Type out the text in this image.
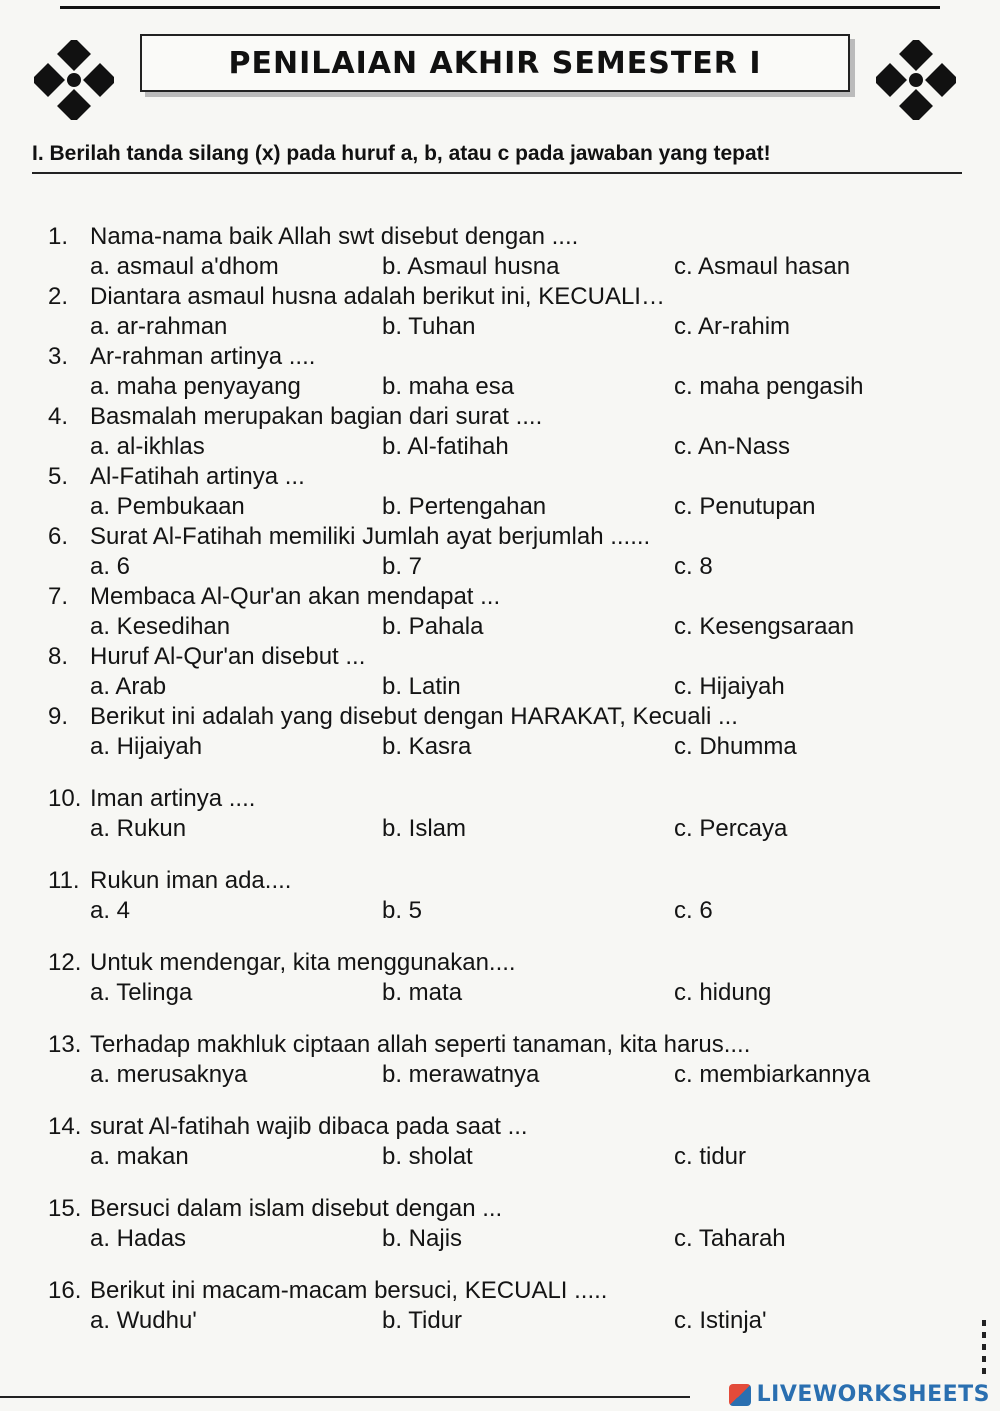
PENILAIAN AKHIR SEMESTER I
I. Berilah tanda silang (x) pada huruf a, b, atau c pada jawaban yang tepat!
1. Nama-nama baik Allah swt disebut dengan ....
a. asmaul a'dhom	b. Asmaul husna	c. Asmaul hasan
2. Diantara asmaul husna adalah berikut ini, KECUALI…
a. ar-rahman	b. Tuhan	c. Ar-rahim
3. Ar-rahman artinya ....
a. maha penyayang	b. maha esa	c. maha pengasih
4. Basmalah merupakan bagian dari surat ....
a. al-ikhlas	b. Al-fatihah	c. An-Nass
5. Al-Fatihah artinya ...
a. Pembukaan	b. Pertengahan	c. Penutupan
6. Surat Al-Fatihah memiliki Jumlah ayat berjumlah ......
a. 6	b. 7	c. 8
7. Membaca Al-Qur'an akan mendapat ...
a. Kesedihan	b. Pahala	c. Kesengsaraan
8. Huruf Al-Qur'an disebut ...
a. Arab	b. Latin	c. Hijaiyah
9. Berikut ini adalah yang disebut dengan HARAKAT, Kecuali ...
a. Hijaiyah	b. Kasra	c. Dhumma
10. Iman artinya ....
a. Rukun	b. Islam	c. Percaya
11. Rukun iman ada....
a. 4	b. 5	c. 6
12. Untuk mendengar, kita menggunakan....
a. Telinga	b. mata	c. hidung
13. Terhadap makhluk ciptaan allah seperti tanaman, kita harus....
a. merusaknya	b. merawatnya	c. membiarkannya
14. surat Al-fatihah wajib dibaca pada saat ...
a. makan	b. sholat	c. tidur
15. Bersuci dalam islam disebut dengan ...
a. Hadas	b. Najis	c. Taharah
16. Berikut ini macam-macam bersuci, KECUALI .....
a. Wudhu'	b. Tidur	c. Istinja'
LIVEWORKSHEETS
